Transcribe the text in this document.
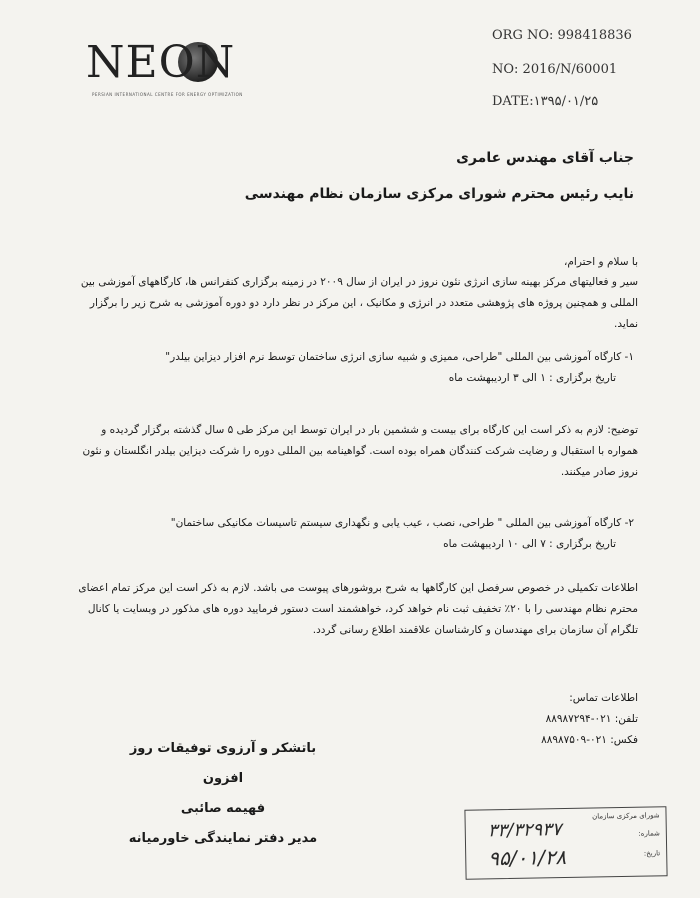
NEON
PERSIAN INTERNATIONAL CENTRE FOR ENERGY OPTIMIZATION
ORG NO: 998418836
NO: 2016/N/60001
DATE:۱۳۹۵/۰۱/۲۵
جناب آقای مهندس عامری
نایب رئیس محترم شورای مرکزی سازمان نظام مهندسی
با سلام و احترام،
سیر و فعالیتهای مرکز بهینه سازی انرژی نئون نروز در ایران از سال ۲۰۰۹ در زمینه برگزاری کنفرانس ها، کارگاههای آموزشی بین المللی و همچنین پروژه های پژوهشی متعدد در انرژی و مکانیک ، این مرکز در نظر دارد دو دوره آموزشی به شرح زیر را برگزار نماید.
۱- کارگاه آموزشی بین المللی "طراحی، ممیزی و شبیه سازی انرژی ساختمان توسط نرم افزار دیزاین بیلدر"
تاریخ برگزاری : ۱ الی ۳ اردیبهشت ماه
توضیح: لازم به ذکر است این کارگاه برای بیست و ششمین بار در ایران توسط این مرکز طی ۵ سال گذشته برگزار گردیده و همواره با استقبال و رضایت شرکت کنندگان همراه بوده است. گواهینامه بین المللی دوره را شرکت دیزاین بیلدر انگلستان و نئون نروز صادر میکنند.
۲- کارگاه آموزشی بین المللی " طراحی، نصب ، عیب یابی و نگهداری سیستم تاسیسات مکانیکی ساختمان"
تاریخ برگزاری : ۷ الی ۱۰ اردیبهشت ماه
اطلاعات تکمیلی در خصوص سرفصل این کارگاهها به شرح بروشورهای پیوست می باشد. لازم به ذکر است این مرکز تمام اعضای محترم نظام مهندسی را با ۲۰٪ تخفیف ثبت نام خواهد کرد، خواهشمند است دستور فرمایید دوره های مذکور در وبسایت یا کانال تلگرام آن سازمان برای مهندسان و کارشناسان علاقمند اطلاع رسانی گردد.
اطلاعات تماس:
تلفن: ۰۲۱-۸۸۹۸۷۲۹۴
فکس: ۰۲۱-۸۸۹۸۷۵۰۹
باتشکر و آرزوی توفیقات روز افزون
فهیمه صائبی
مدیر دفتر نمایندگی خاورمیانه
شورای مرکزی سازمان
شماره:
تاریخ:
۳۳/۳۲۹۳۷
۹۵/۰۱/۲۸
